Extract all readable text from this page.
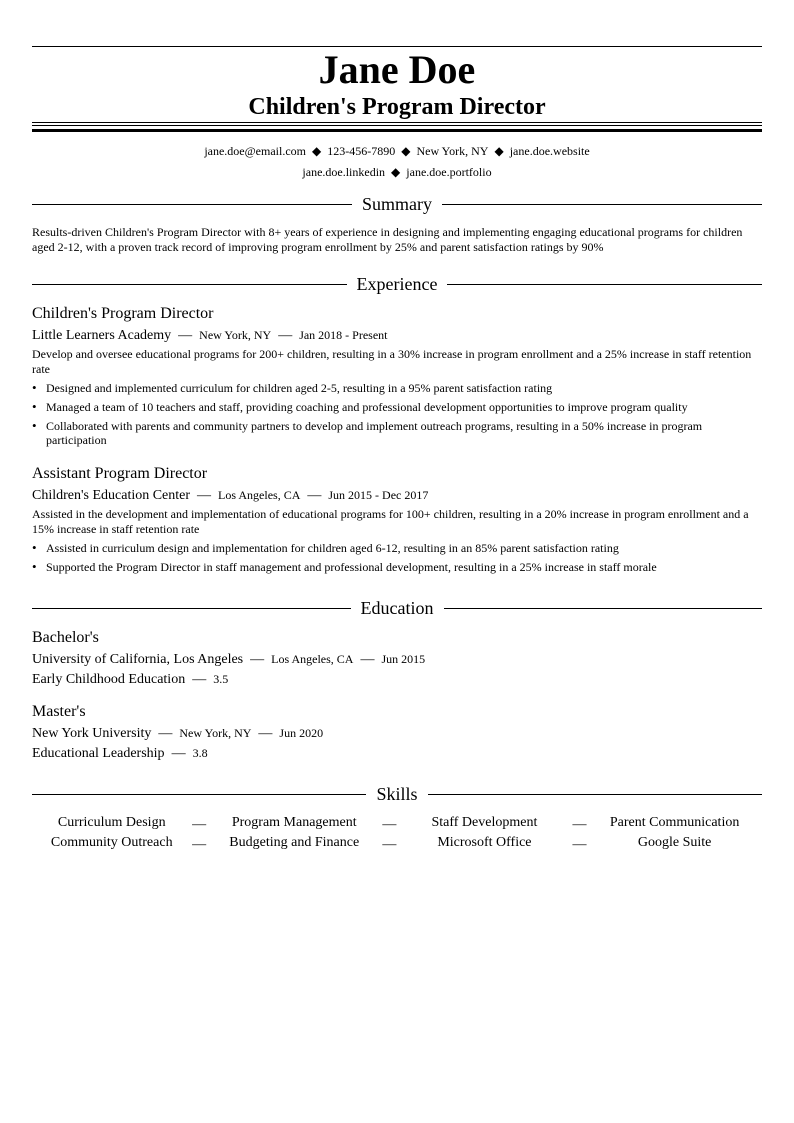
Jane Doe
Children's Program Director
jane.doe@email.com ◆ 123-456-7890 ◆ New York, NY ◆ jane.doe.website
jane.doe.linkedin ◆ jane.doe.portfolio
Summary
Results-driven Children's Program Director with 8+ years of experience in designing and implementing engaging educational programs for children aged 2-12, with a proven track record of improving program enrollment by 25% and parent satisfaction ratings by 90%
Experience
Children's Program Director
Little Learners Academy — New York, NY — Jan 2018 - Present
Develop and oversee educational programs for 200+ children, resulting in a 30% increase in program enrollment and a 25% increase in staff retention rate
• Designed and implemented curriculum for children aged 2-5, resulting in a 95% parent satisfaction rating
• Managed a team of 10 teachers and staff, providing coaching and professional development opportunities to improve program quality
• Collaborated with parents and community partners to develop and implement outreach programs, resulting in a 50% increase in program participation
Assistant Program Director
Children's Education Center — Los Angeles, CA — Jun 2015 - Dec 2017
Assisted in the development and implementation of educational programs for 100+ children, resulting in a 20% increase in program enrollment and a 15% increase in staff retention rate
• Assisted in curriculum design and implementation for children aged 6-12, resulting in an 85% parent satisfaction rating
• Supported the Program Director in staff management and professional development, resulting in a 25% increase in staff morale
Education
Bachelor's
University of California, Los Angeles — Los Angeles, CA — Jun 2015
Early Childhood Education — 3.5
Master's
New York University — New York, NY — Jun 2020
Educational Leadership — 3.8
Skills
Curriculum Design	—	Program Management	—	Staff Development	—	Parent Communication
Community Outreach	—	Budgeting and Finance	—	Microsoft Office	—	Google Suite
